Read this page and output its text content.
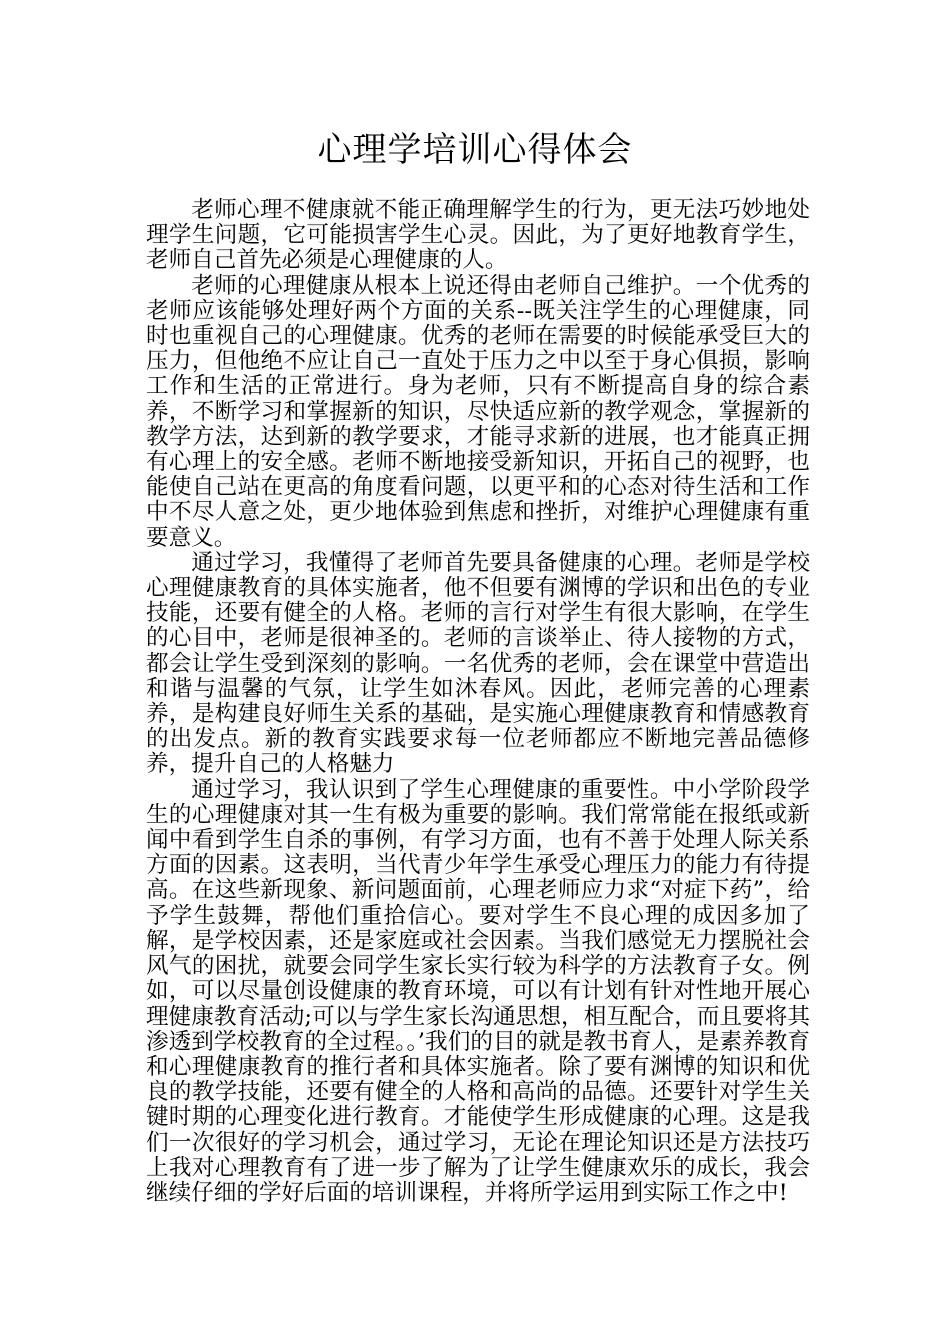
心理学培训心得体会

老师心理不健康就不能正确理解学生的行为，更无法巧妙地处理学生问题，它可能损害学生心灵。因此，为了更好地教育学生，老师自己首先必须是心理健康的人。

老师的心理健康从根本上说还得由老师自己维护。一个优秀的老师应该能够处理好两个方面的关系--既关注学生的心理健康，同时也重视自己的心理健康。优秀的老师在需要的时候能承受巨大的压力，但他绝不应让自己一直处于压力之中以至于身心俱损，影响工作和生活的正常进行。身为老师，只有不断提高自身的综合素养，不断学习和掌握新的知识，尽快适应新的教学观念，掌握新的教学方法，达到新的教学要求，才能寻求新的进展，也才能真正拥有心理上的安全感。老师不断地接受新知识，开拓自己的视野，也能使自己站在更高的角度看问题，以更平和的心态对待生活和工作中不尽人意之处，更少地体验到焦虑和挫折，对维护心理健康有重要意义。

通过学习，我懂得了老师首先要具备健康的心理。老师是学校心理健康教育的具体实施者，他不但要有渊博的学识和出色的专业技能，还要有健全的人格。老师的言行对学生有很大影响，在学生的心目中，老师是很神圣的。老师的言谈举止、待人接物的方式，都会让学生受到深刻的影响。一名优秀的老师，会在课堂中营造出和谐与温馨的气氛，让学生如沐春风。因此，老师完善的心理素养，是构建良好师生关系的基础，是实施心理健康教育和情感教育的出发点。新的教育实践要求每一位老师都应不断地完善品德修养，提升自己的人格魅力

通过学习，我认识到了学生心理健康的重要性。中小学阶段学生的心理健康对其一生有极为重要的影响。我们常常能在报纸或新闻中看到学生自杀的事例，有学习方面，也有不善于处理人际关系方面的因素。这表明，当代青少年学生承受心理压力的能力有待提高。在这些新现象、新问题面前，心理老师应力求“对症下药”，给予学生鼓舞，帮他们重拾信心。要对学生不良心理的成因多加了解，是学校因素，还是家庭或社会因素。当我们感觉无力摆脱社会风气的困扰，就要会同学生家长实行较为科学的方法教育子女。例如，可以尽量创设健康的教育环境，可以有计划有针对性地开展心理健康教育活动;可以与学生家长沟通思想，相互配合，而且要将其渗透到学校教育的全过程。。’我们的目的就是教书育人，是素养教育和心理健康教育的推行者和具体实施者。除了要有渊博的知识和优良的教学技能，还要有健全的人格和高尚的品德。还要针对学生关键时期的心理变化进行教育。才能使学生形成健康的心理。这是我们一次很好的学习机会，通过学习，无论在理论知识还是方法技巧上我对心理教育有了进一步了解为了让学生健康欢乐的成长，我会继续仔细的学好后面的培训课程，并将所学运用到实际工作之中!
